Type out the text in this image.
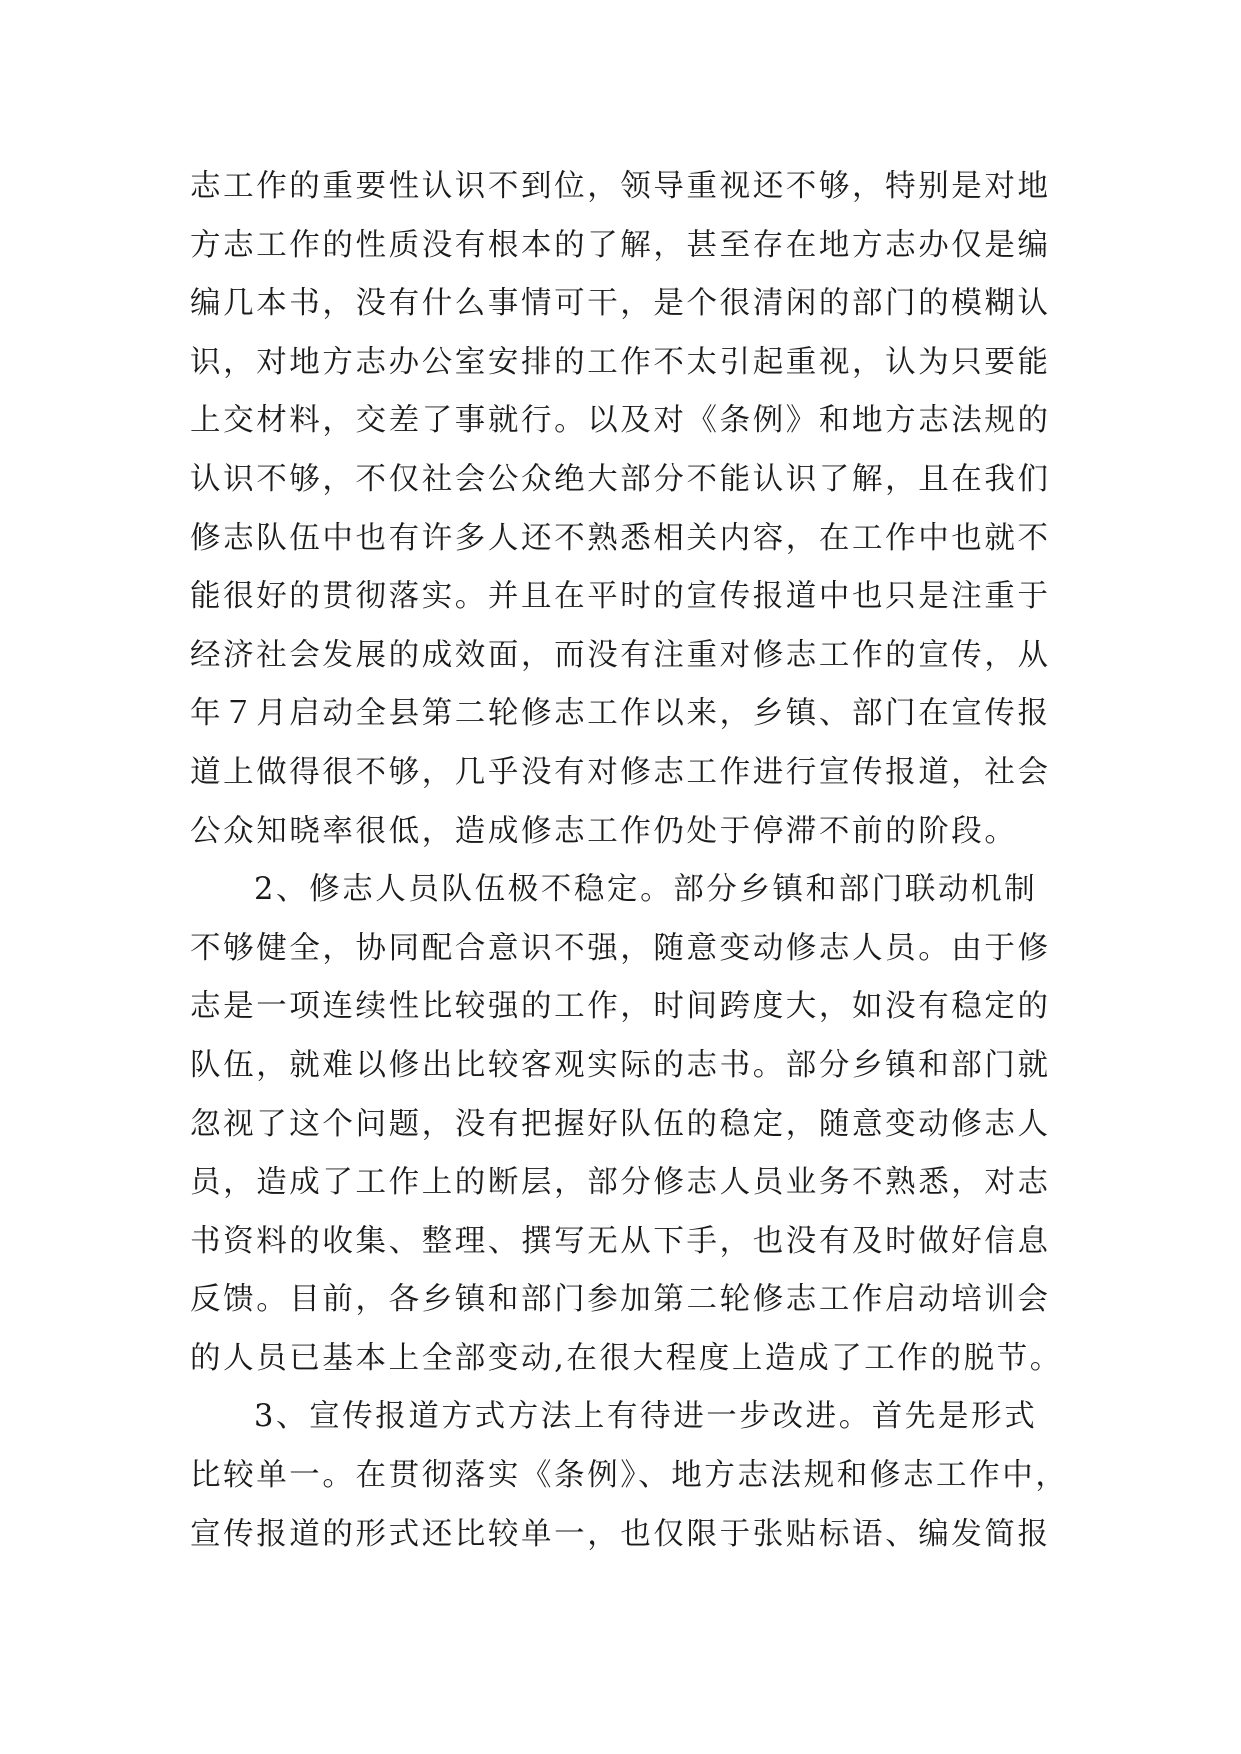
志工作的重要性认识不到位，领导重视还不够，特别是对地
方志工作的性质没有根本的了解，甚至存在地方志办仅是编
编几本书，没有什么事情可干，是个很清闲的部门的模糊认
识，对地方志办公室安排的工作不太引起重视，认为只要能
上交材料，交差了事就行。以及对《条例》和地方志法规的
认识不够，不仅社会公众绝大部分不能认识了解，且在我们
修志队伍中也有许多人还不熟悉相关内容，在工作中也就不
能很好的贯彻落实。并且在平时的宣传报道中也只是注重于
经济社会发展的成效面，而没有注重对修志工作的宣传，从
年７月启动全县第二轮修志工作以来，乡镇、部门在宣传报
道上做得很不够，几乎没有对修志工作进行宣传报道，社会
公众知晓率很低，造成修志工作仍处于停滞不前的阶段。
2、修志人员队伍极不稳定。部分乡镇和部门联动机制
不够健全，协同配合意识不强，随意变动修志人员。由于修
志是一项连续性比较强的工作，时间跨度大，如没有稳定的
队伍，就难以修出比较客观实际的志书。部分乡镇和部门就
忽视了这个问题，没有把握好队伍的稳定，随意变动修志人
员，造成了工作上的断层，部分修志人员业务不熟悉，对志
书资料的收集、整理、撰写无从下手，也没有及时做好信息
反馈。目前，各乡镇和部门参加第二轮修志工作启动培训会
的人员已基本上全部变动,在很大程度上造成了工作的脱节。
3、宣传报道方式方法上有待进一步改进。首先是形式
比较单一。在贯彻落实《条例》、地方志法规和修志工作中，
宣传报道的形式还比较单一，也仅限于张贴标语、编发简报
